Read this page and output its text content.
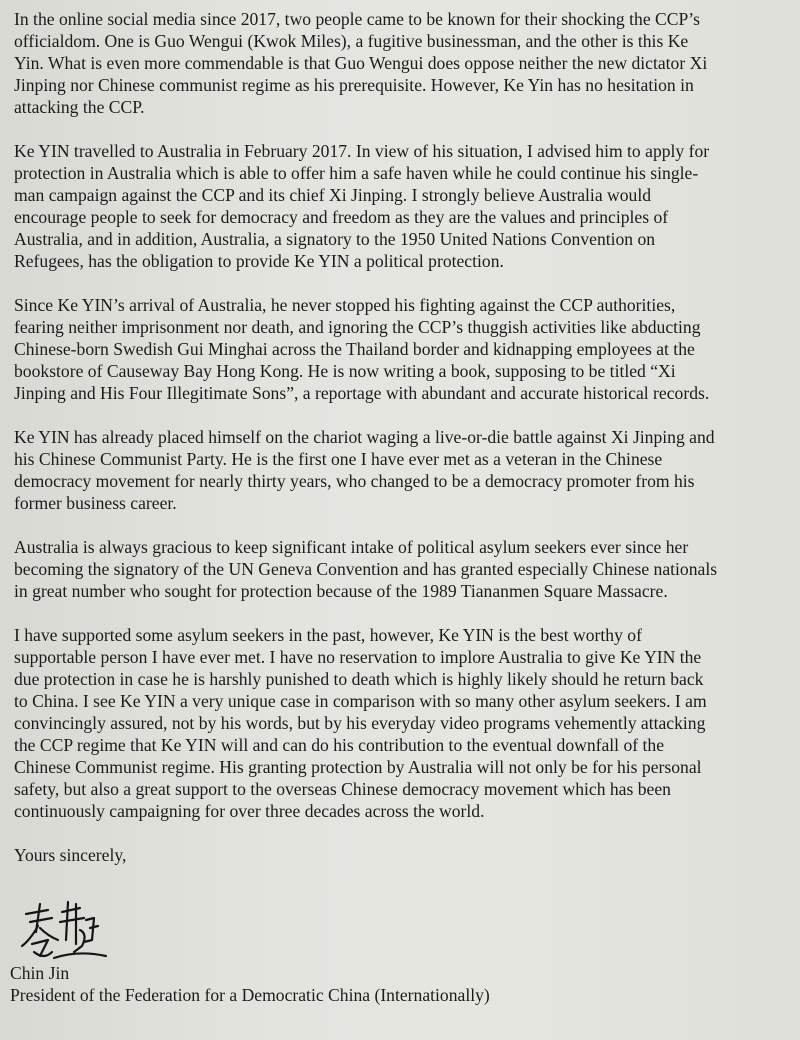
In the online social media since 2017, two people came to be known for their shocking the CCP’s
officialdom. One is Guo Wengui (Kwok Miles), a fugitive businessman, and the other is this Ke
Yin. What is even more commendable is that Guo Wengui does oppose neither the new dictator Xi
Jinping nor Chinese communist regime as his prerequisite. However, Ke Yin has no hesitation in
attacking the CCP.

Ke YIN travelled to Australia in February 2017. In view of his situation, I advised him to apply for
protection in Australia which is able to offer him a safe haven while he could continue his single-
man campaign against the CCP and its chief Xi Jinping. I strongly believe Australia would
encourage people to seek for democracy and freedom as they are the values and principles of
Australia, and in addition, Australia, a signatory to the 1950 United Nations Convention on
Refugees, has the obligation to provide Ke YIN a political protection.

Since Ke YIN’s arrival of Australia, he never stopped his fighting against the CCP authorities,
fearing neither imprisonment nor death, and ignoring the CCP’s thuggish activities like abducting
Chinese-born Swedish Gui Minghai across the Thailand border and kidnapping employees at the
bookstore of Causeway Bay Hong Kong. He is now writing a book, supposing to be titled “Xi
Jinping and His Four Illegitimate Sons”, a reportage with abundant and accurate historical records.

Ke YIN has already placed himself on the chariot waging a live-or-die battle against Xi Jinping and
his Chinese Communist Party. He is the first one I have ever met as a veteran in the Chinese
democracy movement for nearly thirty years, who changed to be a democracy promoter from his
former business career.

Australia is always gracious to keep significant intake of political asylum seekers ever since her
becoming the signatory of the UN Geneva Convention and has granted especially Chinese nationals
in great number who sought for protection because of the 1989 Tiananmen Square Massacre.

I have supported some asylum seekers in the past, however, Ke YIN is the best worthy of
supportable person I have ever met. I have no reservation to implore Australia to give Ke YIN the
due protection in case he is harshly punished to death which is highly likely should he return back
to China. I see Ke YIN a very unique case in comparison with so many other asylum seekers. I am
convincingly assured, not by his words, but by his everyday video programs vehemently attacking
the CCP regime that Ke YIN will and can do his contribution to the eventual downfall of the
Chinese Communist regime. His granting protection by Australia will not only be for his personal
safety, but also a great support to the overseas Chinese democracy movement which has been
continuously campaigning for over three decades across the world.

Yours sincerely,

Chin Jin
President of the Federation for a Democratic China (Internationally)
